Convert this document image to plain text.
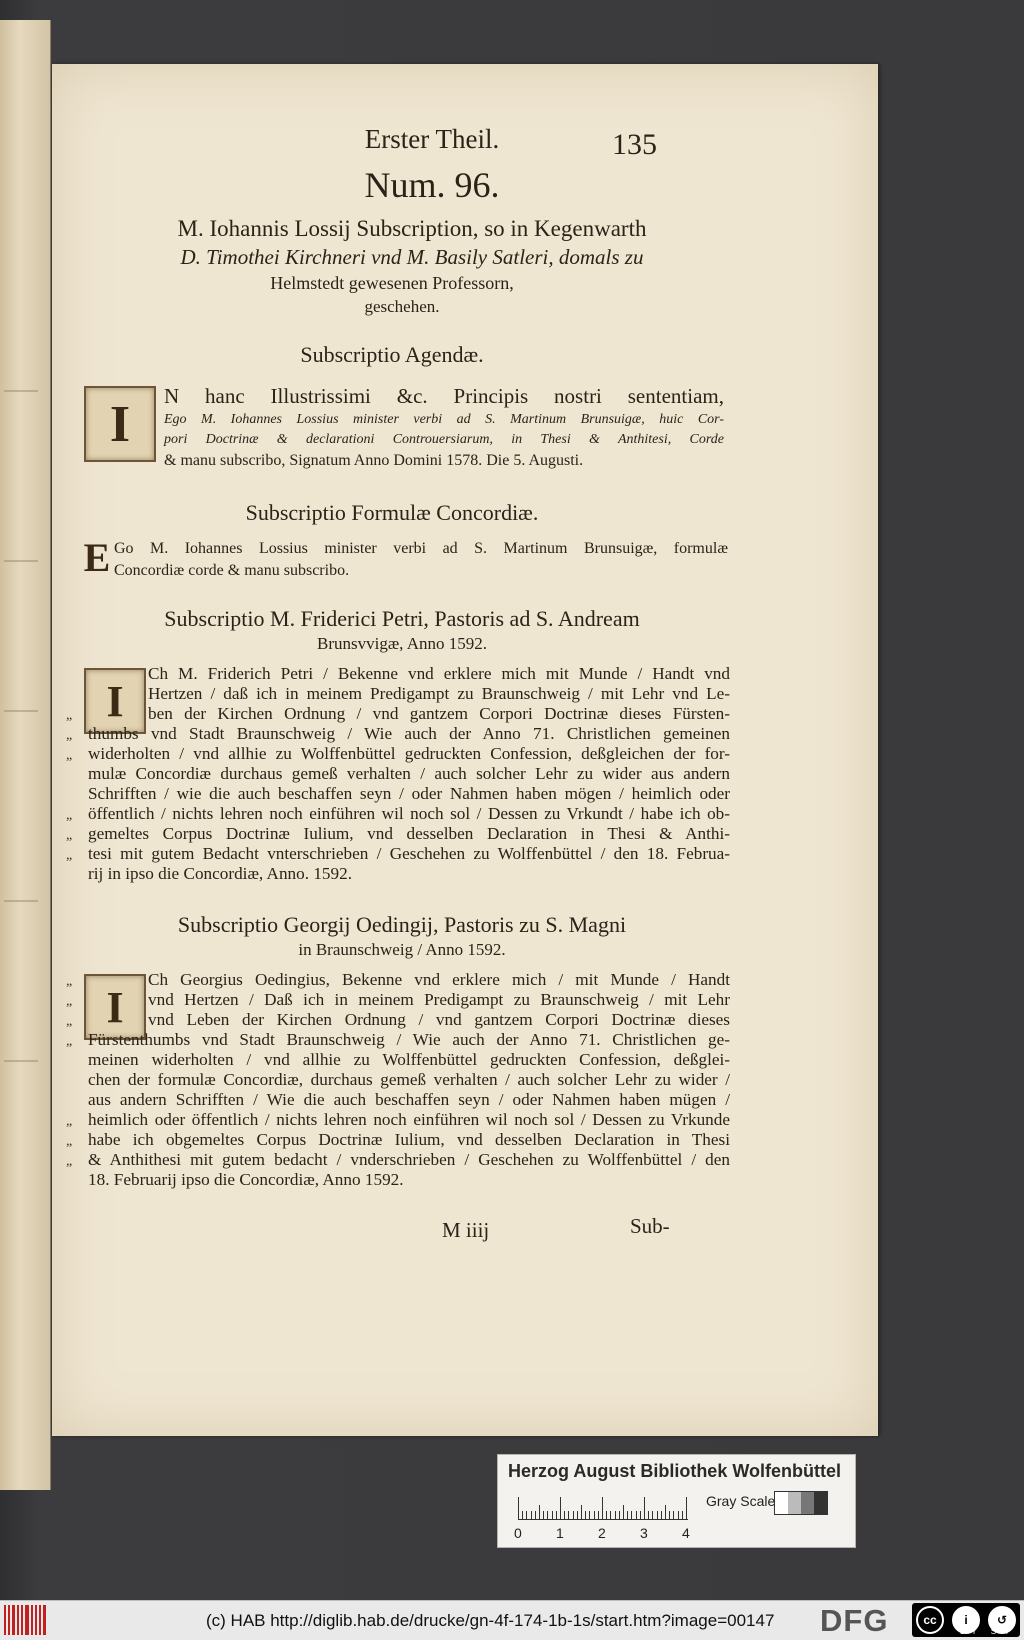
Erster Theil.	135
Num. 96.
M. Iohannis Lossij Subscription, so in Kegenwarth
D. Timothei Kirchneri vnd M. Basily Satleri, domals zu
Helmstedt gewesenen Professorn,
geschehen.
Subscriptio Agendæ.
I	N hanc Illustrissimi &c. Principis nostri sententiam,
Ego M. Iohannes Lossius minister verbi ad S. Martinum Brunsuigæ, huic Cor-
pori Doctrinæ & declarationi Controuersiarum, in Thesi & Anthitesi, Corde
& manu subscribo, Signatum Anno Domini 1578. Die 5. Augusti.
Subscriptio Formulæ Concordiæ.
E Go M. Iohannes Lossius minister verbi ad S. Martinum Brunsuigæ, formulæ
Concordiæ corde & manu subscribo.
Subscriptio M. Friderici Petri, Pastoris ad S. Andream
Brunsvvigæ, Anno 1592.
I
Ch M. Friderich Petri / Bekenne vnd erklere mich mit Munde / Handt vnd
Hertzen / daß ich in meinem Predigampt zu Braunschweig / mit Lehr vnd Le-
ben der Kirchen Ordnung / vnd gantzem Corpori Doctrinæ dieses Fürsten-
thumbs vnd Stadt Braunschweig / Wie auch der Anno 71. Christlichen gemeinen
widerholten / vnd allhie zu Wolffenbüttel gedruckten Confession, deßgleichen der for-
mulæ Concordiæ durchaus gemeß verhalten / auch solcher Lehr zu wider aus andern
Schrifften / wie die auch beschaffen seyn / oder Nahmen haben mögen / heimlich oder
öffentlich / nichts lehren noch einführen wil noch sol / Dessen zu Vrkundt / habe ich ob-
gemeltes Corpus Doctrinæ Iulium, vnd desselben Declaration in Thesi & Anthi-
tesi mit gutem Bedacht vnterschrieben / Geschehen zu Wolffenbüttel / den 18. Februa-
rij in ipso die Concordiæ, Anno. 1592.
„
„
„
„
„
„
Subscriptio Georgij Oedingij, Pastoris zu S. Magni
in Braunschweig / Anno 1592.
I
Ch Georgius Oedingius, Bekenne vnd erklere mich / mit Munde / Handt
vnd Hertzen / Daß ich in meinem Predigampt zu Braunschweig / mit Lehr
vnd Leben der Kirchen Ordnung / vnd gantzem Corpori Doctrinæ dieses
Fürstenthumbs vnd Stadt Braunschweig / Wie auch der Anno 71. Christlichen ge-
meinen widerholten / vnd allhie zu Wolffenbüttel gedruckten Confession, deßglei-
chen der formulæ Concordiæ, durchaus gemeß verhalten / auch solcher Lehr zu wider /
aus andern Schrifften / Wie die auch beschaffen seyn / oder Nahmen haben mügen /
heimlich oder öffentlich / nichts lehren noch einführen wil noch sol / Dessen zu Vrkunde
habe ich obgemeltes Corpus Doctrinæ Iulium, vnd desselben Declaration in Thesi
& Anthithesi mit gutem bedacht / vnderschrieben / Geschehen zu Wolffenbüttel / den
18. Februarij ipso die Concordiæ, Anno 1592.
„
„
„
„
„
„
„
M iiij	Sub-
Herzog August Bibliothek Wolfenbüttel
0 1 2 3 4
Gray Scale
(c) HAB http://diglib.hab.de/drucke/gn-4f-174-1b-1s/start.htm?image=00147 DFG	cc	i	↺
BY SA
